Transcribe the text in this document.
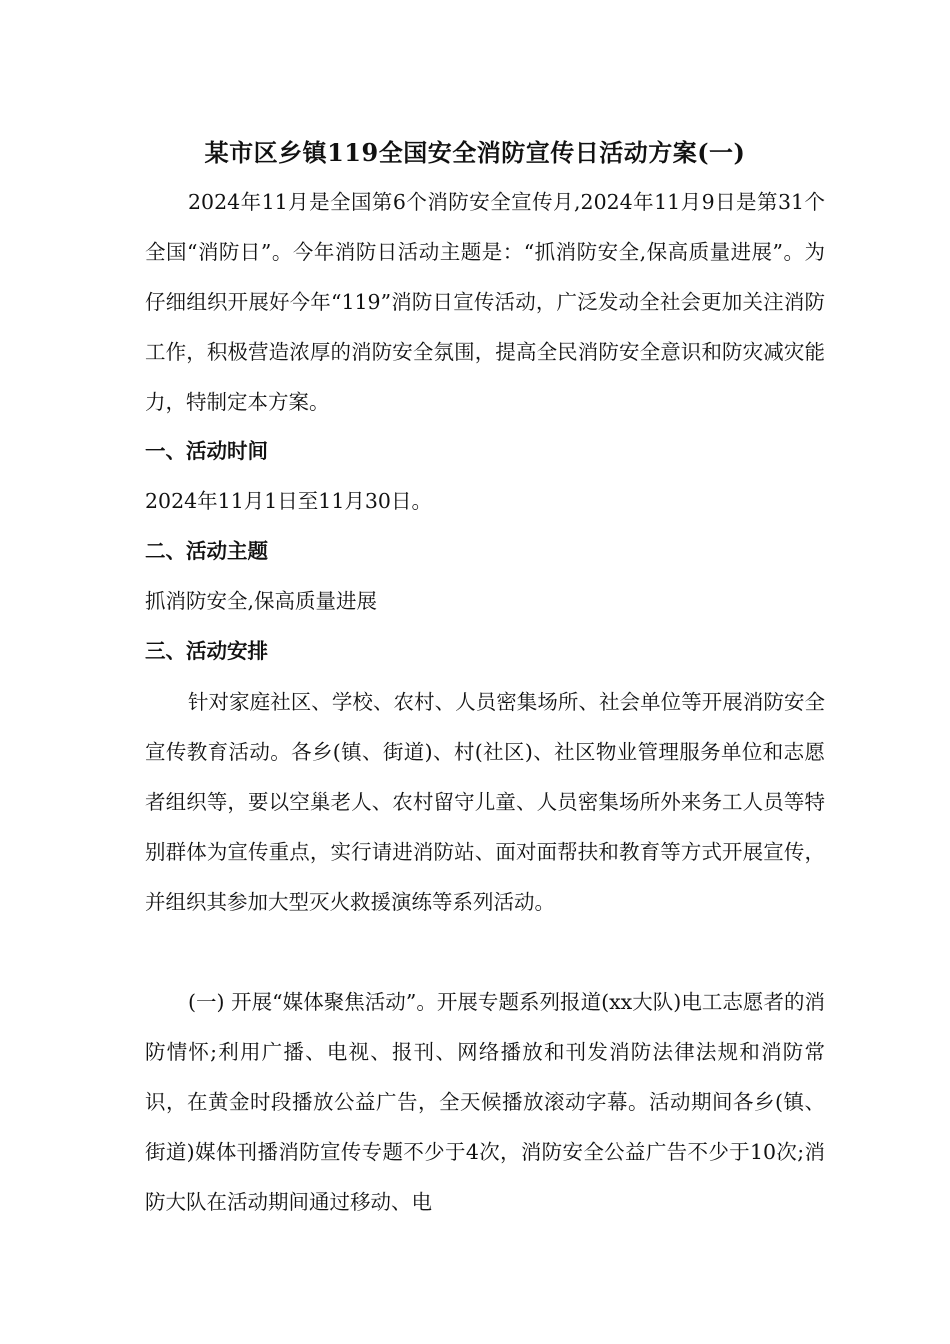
某市区乡镇119全国安全消防宣传日活动方案(一)
2024年11月是全国第6个消防安全宣传月,2024年11月9日是第31个全国“消防日”。今年消防日活动主题是：“抓消防安全,保高质量进展”。为仔细组织开展好今年“119”消防日宣传活动，广泛发动全社会更加关注消防工作，积极营造浓厚的消防安全氛围，提高全民消防安全意识和防灾减灾能力，特制定本方案。
一、活动时间
2024年11月1日至11月30日。
二、活动主题
抓消防安全,保高质量进展
三、活动安排
针对家庭社区、学校、农村、人员密集场所、社会单位等开展消防安全宣传教育活动。各乡(镇、街道)、村(社区)、社区物业管理服务单位和志愿者组织等，要以空巢老人、农村留守儿童、人员密集场所外来务工人员等特别群体为宣传重点，实行请进消防站、面对面帮扶和教育等方式开展宣传，并组织其参加大型灭火救援演练等系列活动。
(一) 开展“媒体聚焦活动”。开展专题系列报道(xx大队)电工志愿者的消防情怀;利用广播、电视、报刊、网络播放和刊发消防法律法规和消防常识，在黄金时段播放公益广告，全天候播放滚动字幕。活动期间各乡(镇、街道)媒体刊播消防宣传专题不少于4次，消防安全公益广告不少于10次;消防大队在活动期间通过移动、电
